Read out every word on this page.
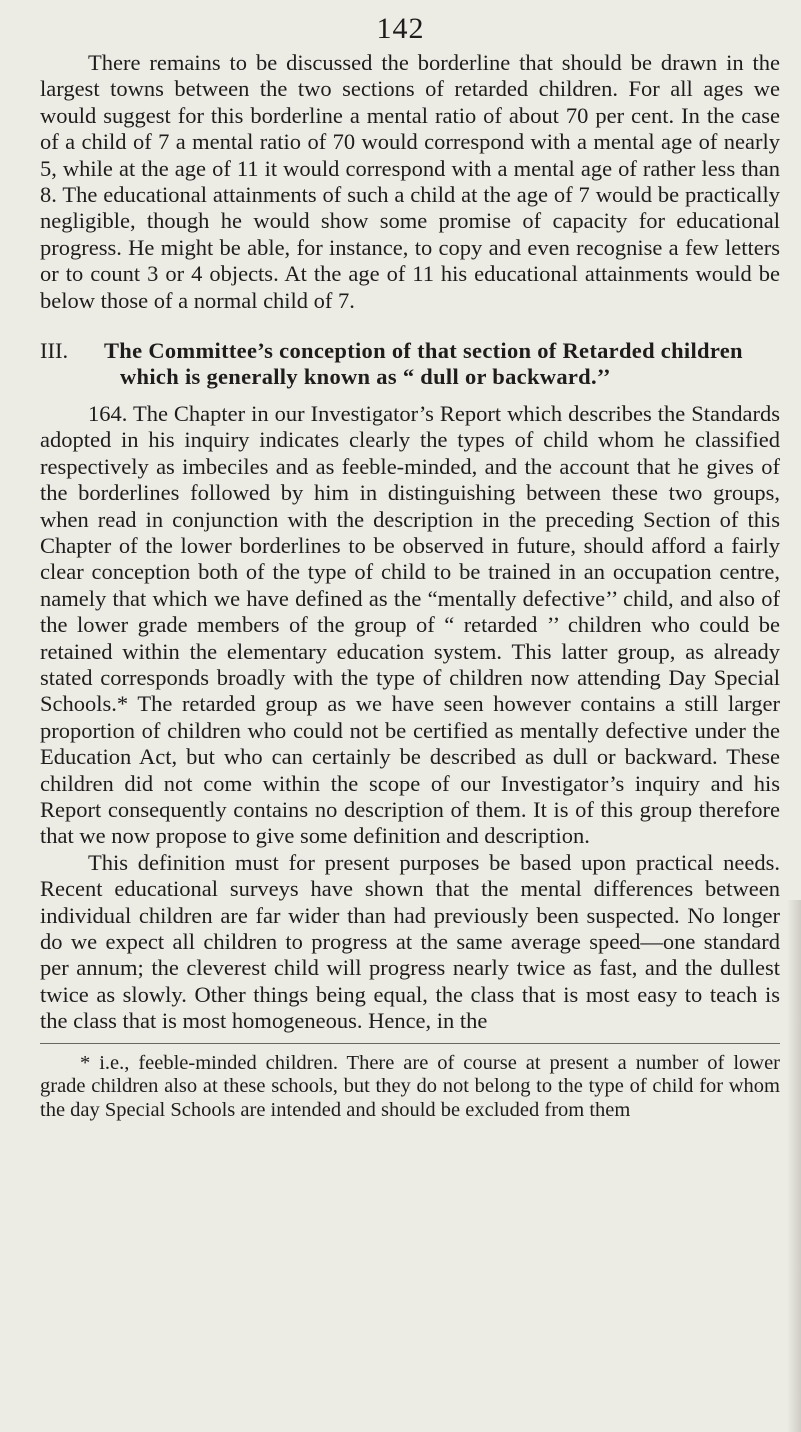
142

There remains to be discussed the borderline that should be drawn in the largest towns between the two sections of retarded children. For all ages we would suggest for this borderline a mental ratio of about 70 per cent. In the case of a child of 7 a mental ratio of 70 would correspond with a mental age of nearly 5, while at the age of 11 it would correspond with a mental age of rather less than 8. The educational attainments of such a child at the age of 7 would be practically negligible, though he would show some promise of capacity for educational progress. He might be able, for instance, to copy and even recognise a few letters or to count 3 or 4 objects. At the age of 11 his educational attainments would be below those of a normal child of 7.

III. The Committee’s conception of that section of Retarded children which is generally known as “ dull or backward.’’

164. The Chapter in our Investigator’s Report which describes the Standards adopted in his inquiry indicates clearly the types of child whom he classified respectively as imbeciles and as feeble-minded, and the account that he gives of the borderlines followed by him in distinguishing between these two groups, when read in conjunction with the description in the preceding Section of this Chapter of the lower borderlines to be observed in future, should afford a fairly clear conception both of the type of child to be trained in an occupation centre, namely that which we have defined as the “mentally defective’’ child, and also of the lower grade members of the group of “ retarded ’’ children who could be retained within the elementary education system. This latter group, as already stated corresponds broadly with the type of children now attending Day Special Schools.* The retarded group as we have seen however contains a still larger proportion of children who could not be certified as mentally defective under the Education Act, but who can certainly be described as dull or backward. These children did not come within the scope of our Investigator’s inquiry and his Report consequently contains no description of them. It is of this group therefore that we now propose to give some definition and description.

This definition must for present purposes be based upon practical needs. Recent educational surveys have shown that the mental differences between individual children are far wider than had previously been suspected. No longer do we expect all children to progress at the same average speed—one standard per annum; the cleverest child will progress nearly twice as fast, and the dullest twice as slowly. Other things being equal, the class that is most easy to teach is the class that is most homogeneous. Hence, in the

* i.e., feeble-minded children. There are of course at present a number of lower grade children also at these schools, but they do not belong to the type of child for whom the day Special Schools are intended and should be excluded from them
